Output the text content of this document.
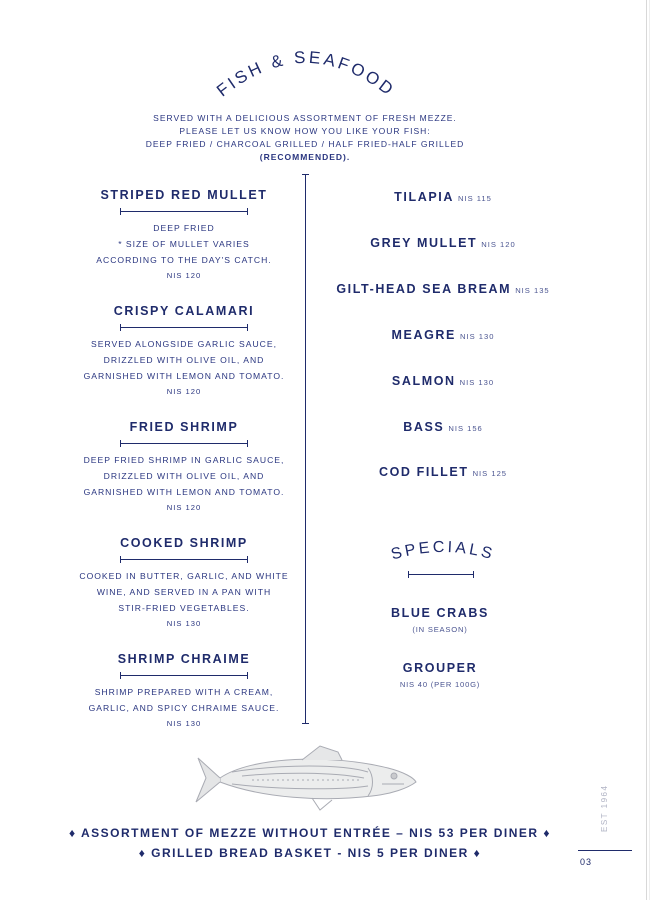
FISH & SEAFOOD
SERVED WITH A DELICIOUS ASSORTMENT OF FRESH MEZZE.
PLEASE LET US KNOW HOW YOU LIKE YOUR FISH:
DEEP FRIED / CHARCOAL GRILLED / HALF FRIED-HALF GRILLED (RECOMMENDED).
STRIPED RED MULLET
DEEP FRIED
* SIZE OF MULLET VARIES
ACCORDING TO THE DAY'S CATCH.
NIS 120
CRISPY CALAMARI
SERVED ALONGSIDE GARLIC SAUCE,
DRIZZLED WITH OLIVE OIL, AND
GARNISHED WITH LEMON AND TOMATO.
NIS 120
FRIED SHRIMP
DEEP FRIED SHRIMP IN GARLIC SAUCE,
DRIZZLED WITH OLIVE OIL, AND
GARNISHED WITH LEMON AND TOMATO.
NIS 120
COOKED SHRIMP
COOKED IN BUTTER, GARLIC, AND WHITE
WINE, AND SERVED IN A PAN WITH
STIR-FRIED VEGETABLES.
NIS 130
SHRIMP CHRAIME
SHRIMP PREPARED WITH A CREAM,
GARLIC, AND SPICY CHRAIME SAUCE.
NIS 130
TILAPIA NIS 115
GREY MULLET NIS 120
GILT-HEAD SEA BREAM NIS 135
MEAGRE NIS 130
SALMON NIS 130
BASS NIS 156
COD FILLET NIS 125
SPECIALS
BLUE CRABS
(IN SEASON)
GROUPER
NIS 40 (PER 100G)
♦ ASSORTMENT OF MEZZE WITHOUT ENTRÉE – NIS 53 PER DINER ♦
♦ GRILLED BREAD BASKET - NIS 5 PER DINER ♦
EST 1964
03
